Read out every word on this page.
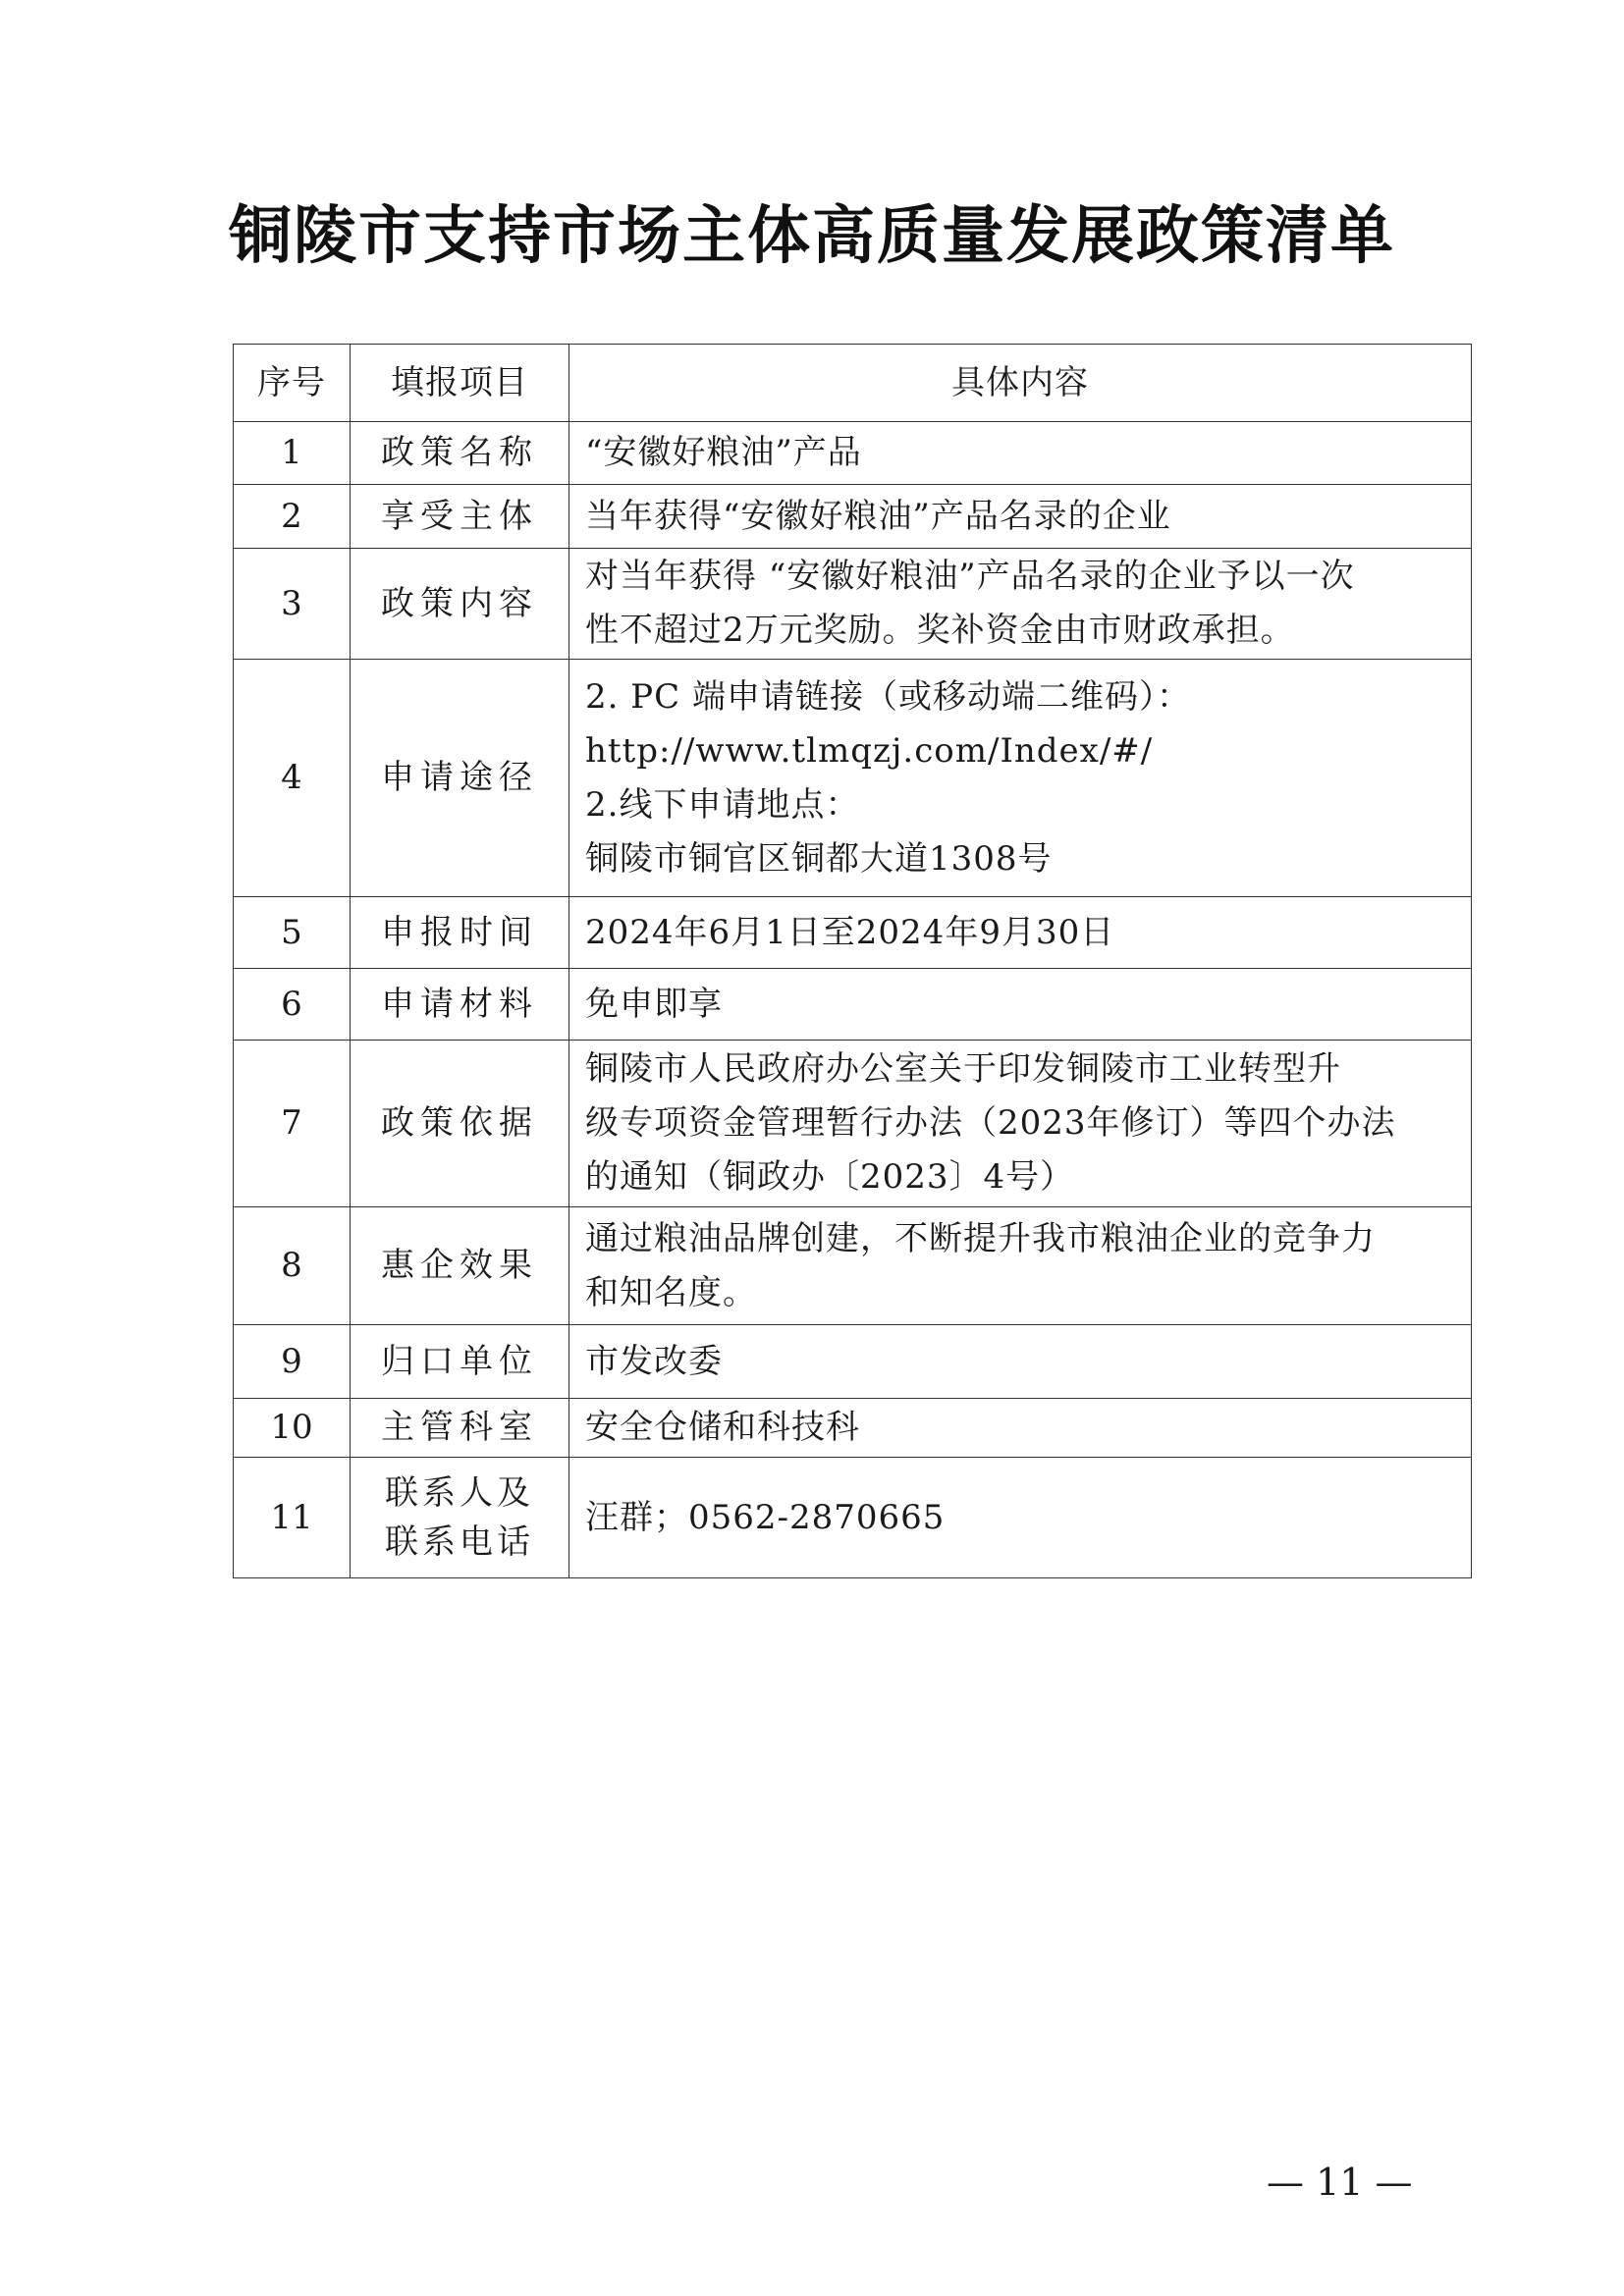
铜陵市支持市场主体高质量发展政策清单
序号	填报项目	具体内容
1	政策名称	“安徽好粮油”产品

2	享受主体	当年获得“安徽好粮油”产品名录的企业

3	政策内容	对当年获得 “安徽好粮油”产品名录的企业予以一次
性不超过2万元奖励。奖补资金由市财政承担。

4	申请途径	2. PC 端申请链接（或移动端二维码）：
http://www.tlmqzj.com/Index/#/
2.线下申请地点：
铜陵市铜官区铜都大道1308号

5	申报时间	2024年6月1日至2024年9月30日

6	申请材料	免申即享

7	政策依据	铜陵市人民政府办公室关于印发铜陵市工业转型升
级专项资金管理暂行办法（2023年修订）等四个办法
的通知（铜政办〔2023〕4号）

8	惠企效果	通过粮油品牌创建，不断提升我市粮油企业的竞争力
和知名度。

9	归口单位	市发改委

10	主管科室	安全仓储和科技科

11	联系人及
联系电话	汪群；0562-2870665
— 11 —
